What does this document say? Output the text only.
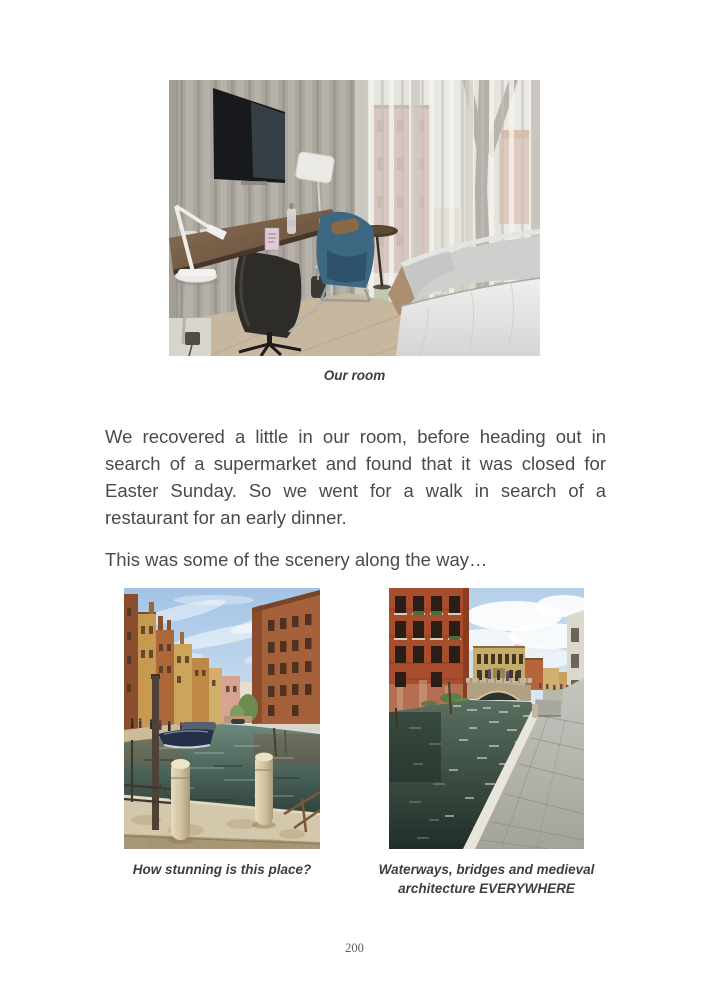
Our room

We recovered a little in our room, before heading out in search of a supermarket and found that it was closed for Easter Sunday. So we went for a walk in search of a restaurant for an early dinner.

This was some of the scenery along the way…

How stunning is this place?	Waterways, bridges and medieval architecture EVERYWHERE
200
